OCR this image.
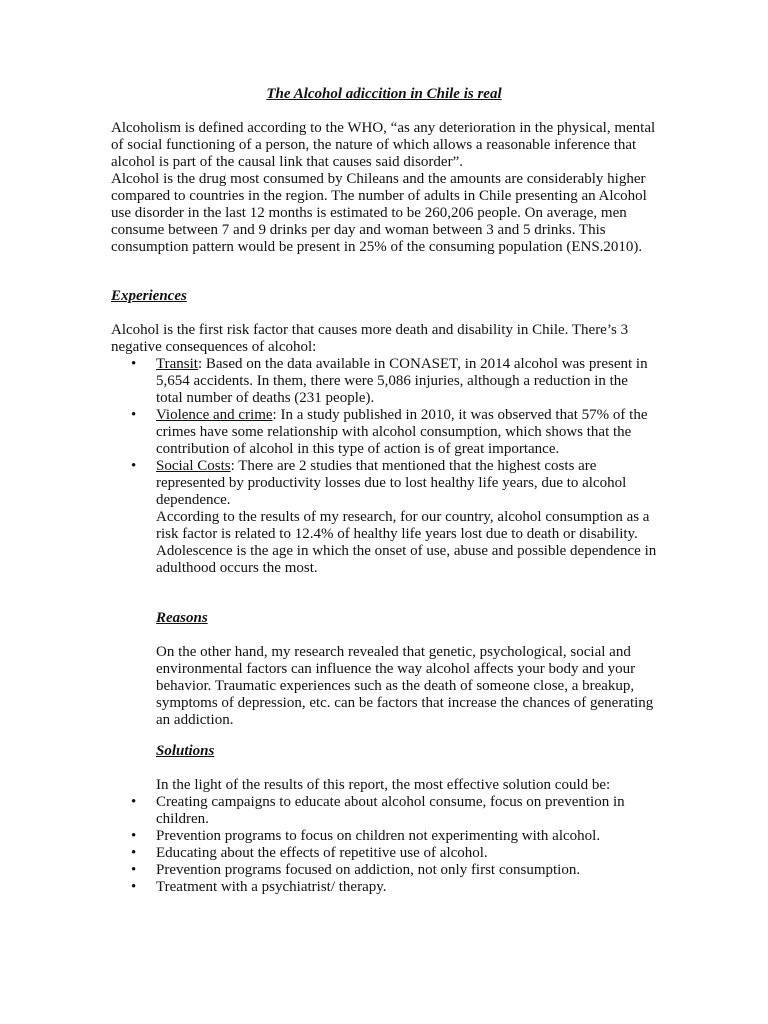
The Alcohol adiccition in Chile is real

Alcoholism is defined according to the WHO, “as any deterioration in the physical, mental of social functioning of a person, the nature of which allows a reasonable inference that alcohol is part of the causal link that causes said disorder”.

Alcohol is the drug most consumed by Chileans and the amounts are considerably higher compared to countries in the region. The number of adults in Chile presenting an Alcohol use disorder in the last 12 months is estimated to be 260,206 people. On average, men consume between 7 and 9 drinks per day and woman between 3 and 5 drinks. This consumption pattern would be present in 25% of the consuming population (ENS.2010).

Experiences

Alcohol is the first risk factor that causes more death and disability in Chile. There’s 3 negative consequences of alcohol:

• Transit: Based on the data available in CONASET, in 2014 alcohol was present in 5,654 accidents. In them, there were 5,086 injuries, although a reduction in the total number of deaths (231 people).
• Violence and crime: In a study published in 2010, it was observed that 57% of the crimes have some relationship with alcohol consumption, which shows that the contribution of alcohol in this type of action is of great importance.
• Social Costs: There are 2 studies that mentioned that the highest costs are represented by productivity losses due to lost healthy life years, due to alcohol dependence.

According to the results of my research, for our country, alcohol consumption as a risk factor is related to 12.4% of healthy life years lost due to death or disability.

Adolescence is the age in which the onset of use, abuse and possible dependence in adulthood occurs the most.

Reasons

On the other hand, my research revealed that genetic, psychological, social and environmental factors can influence the way alcohol affects your body and your behavior. Traumatic experiences such as the death of someone close, a breakup, symptoms of depression, etc. can be factors that increase the chances of generating an addiction.

Solutions

In the light of the results of this report, the most effective solution could be:

• Creating campaigns to educate about alcohol consume, focus on prevention in children.
• Prevention programs to focus on children not experimenting with alcohol.
• Educating about the effects of repetitive use of alcohol.
• Prevention programs focused on addiction, not only first consumption.
• Treatment with a psychiatrist/ therapy.
